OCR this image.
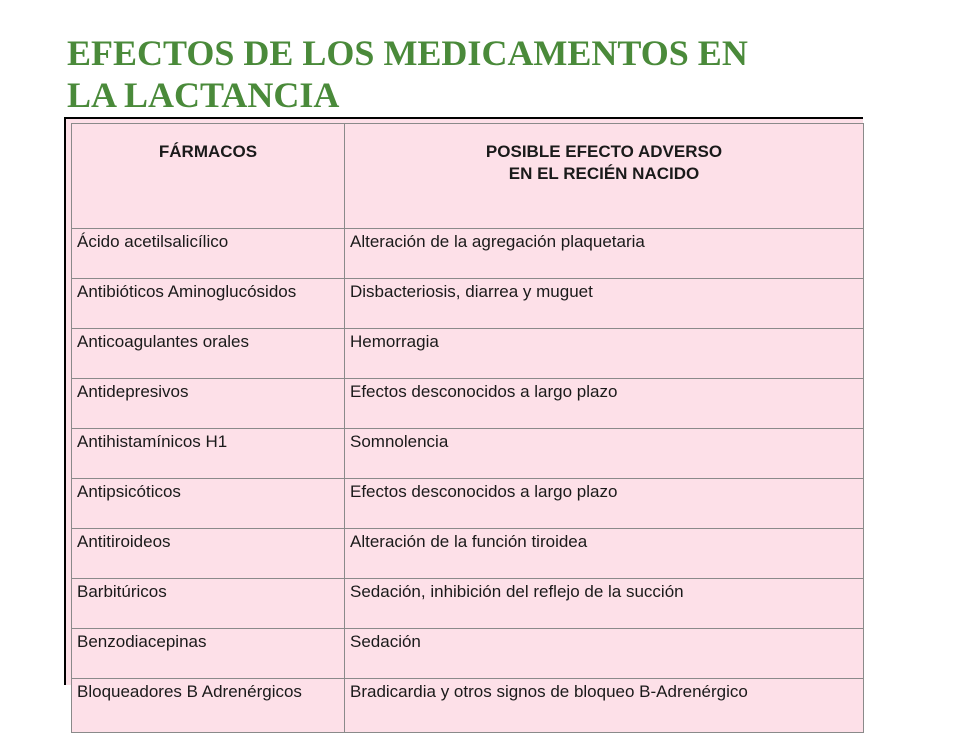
EFECTOS DE LOS MEDICAMENTOS EN
LA LACTANCIA
FÁRMACOS	POSIBLE EFECTO ADVERSO
EN EL RECIÉN NACIDO
Ácido acetilsalicílico	Alteración de la agregación plaquetaria
Antibióticos Aminoglucósidos	Disbacteriosis, diarrea y muguet
Anticoagulantes orales	Hemorragia
Antidepresivos	Efectos desconocidos a largo plazo
Antihistamínicos H1	Somnolencia
Antipsicóticos	Efectos desconocidos a largo plazo
Antitiroideos	Alteración de la función tiroidea
Barbitúricos	Sedación, inhibición del reflejo de la succión
Benzodiacepinas	Sedación
Bloqueadores B Adrenérgicos	Bradicardia y otros signos de bloqueo B-Adrenérgico
